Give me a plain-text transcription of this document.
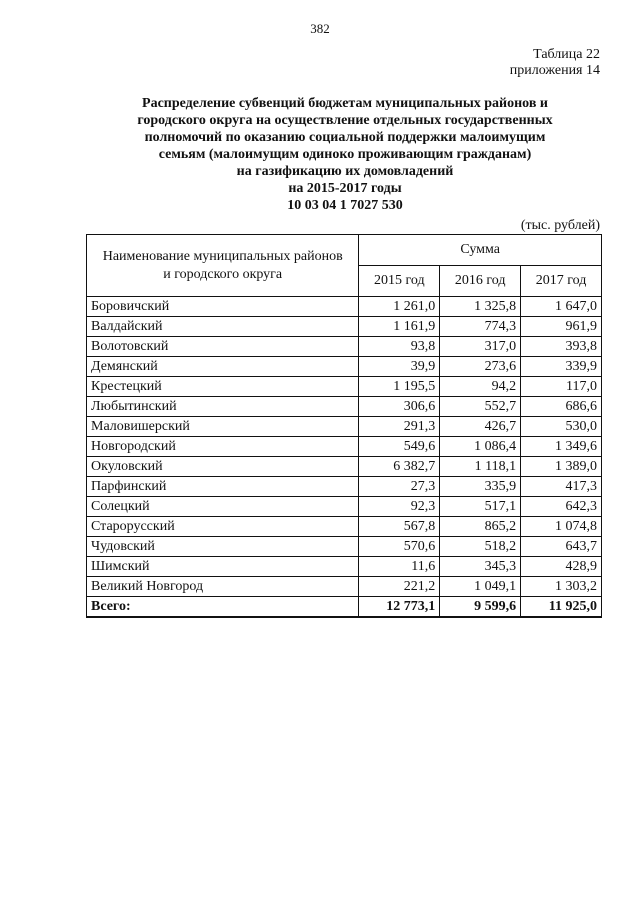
382
Таблица 22
приложения 14
Распределение субвенций бюджетам муниципальных районов и
городского округа на осуществление отдельных государственных
полномочий по оказанию социальной поддержки малоимущим
семьям (малоимущим одиноко проживающим гражданам)
на газификацию их домовладений
на 2015-2017 годы
10 03 04 1 7027 530
(тыс. рублей)
Наименование муниципальных районов
и городского округа	Сумма		
	2015 год	2016 год	2017 год
Боровичский	1 261,0	1 325,8	1 647,0
Валдайский	1 161,9	774,3	961,9
Волотовский	93,8	317,0	393,8
Демянский	39,9	273,6	339,9
Крестецкий	1 195,5	94,2	117,0
Любытинский	306,6	552,7	686,6
Маловишерский	291,3	426,7	530,0
Новгородский	549,6	1 086,4	1 349,6
Окуловский	6 382,7	1 118,1	1 389,0
Парфинский	27,3	335,9	417,3
Солецкий	92,3	517,1	642,3
Старорусский	567,8	865,2	1 074,8
Чудовский	570,6	518,2	643,7
Шимский	11,6	345,3	428,9
Великий Новгород	221,2	1 049,1	1 303,2
Всего:	12 773,1	9 599,6	11 925,0
